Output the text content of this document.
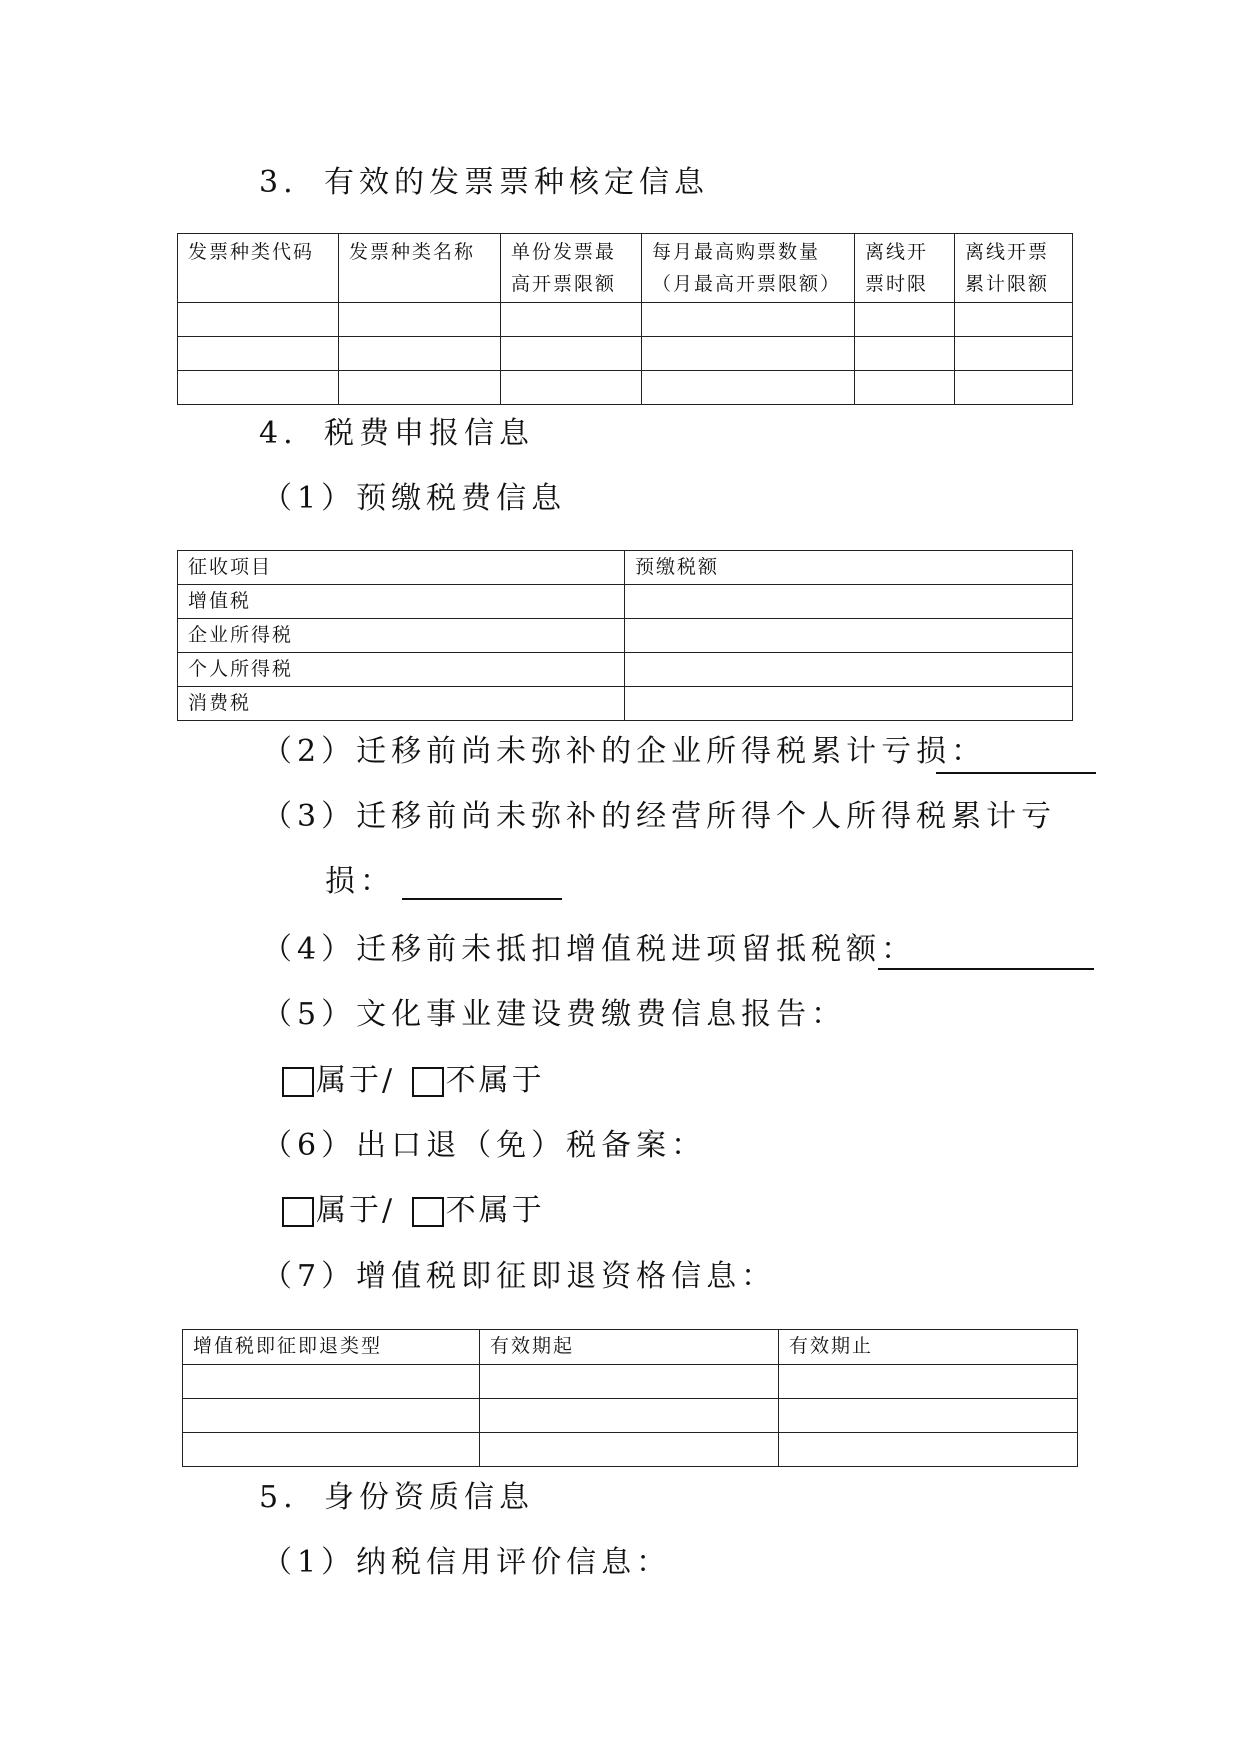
3. 有效的发票票种核定信息
发票种类代码	发票种类名称	单份发票最高开票限额	每月最高购票数量（月最高开票限额）	离线开票时限	离线开票累计限额

4. 税费申报信息
（1）预缴税费信息
征收项目	预缴税额
增值税	
企业所得税	
个人所得税	
消费税	
（2）迁移前尚未弥补的企业所得税累计亏损：
（3）迁移前尚未弥补的经营所得个人所得税累计亏
损：
（4）迁移前未抵扣增值税进项留抵税额：
（5）文化事业建设费缴费信息报告：
属于/ 不属于
（6）出口退（免）税备案：
属于/ 不属于
（7）增值税即征即退资格信息：
增值税即征即退类型	有效期起	有效期止

5. 身份资质信息
（1）纳税信用评价信息：
